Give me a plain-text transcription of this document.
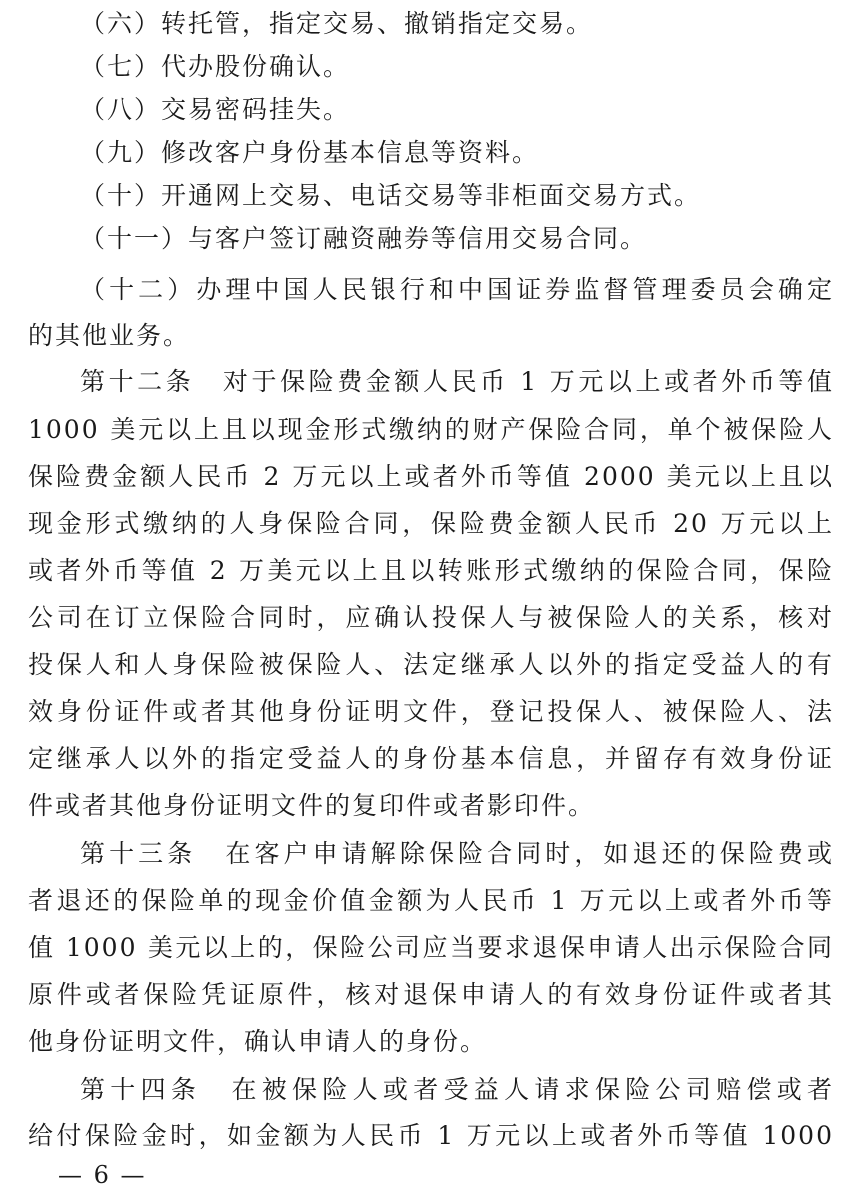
（六）转托管，指定交易、撤销指定交易。
（七）代办股份确认。
（八）交易密码挂失。
（九）修改客户身份基本信息等资料。
（十）开通网上交易、电话交易等非柜面交易方式。
（十一）与客户签订融资融券等信用交易合同。
（十二）办理中国人民银行和中国证券监督管理委员会确定
的其他业务。
第十二条　对于保险费金额人民币 1 万元以上或者外币等值
1000 美元以上且以现金形式缴纳的财产保险合同，单个被保险人
保险费金额人民币 2 万元以上或者外币等值 2000 美元以上且以
现金形式缴纳的人身保险合同，保险费金额人民币 20 万元以上
或者外币等值 2 万美元以上且以转账形式缴纳的保险合同，保险
公司在订立保险合同时，应确认投保人与被保险人的关系，核对
投保人和人身保险被保险人、法定继承人以外的指定受益人的有
效身份证件或者其他身份证明文件，登记投保人、被保险人、法
定继承人以外的指定受益人的身份基本信息，并留存有效身份证
件或者其他身份证明文件的复印件或者影印件。
第十三条　在客户申请解除保险合同时，如退还的保险费或
者退还的保险单的现金价值金额为人民币 1 万元以上或者外币等
值 1000 美元以上的，保险公司应当要求退保申请人出示保险合同
原件或者保险凭证原件，核对退保申请人的有效身份证件或者其
他身份证明文件，确认申请人的身份。
第十四条　在被保险人或者受益人请求保险公司赔偿或者
给付保险金时，如金额为人民币 1 万元以上或者外币等值 1000
— 6 —
